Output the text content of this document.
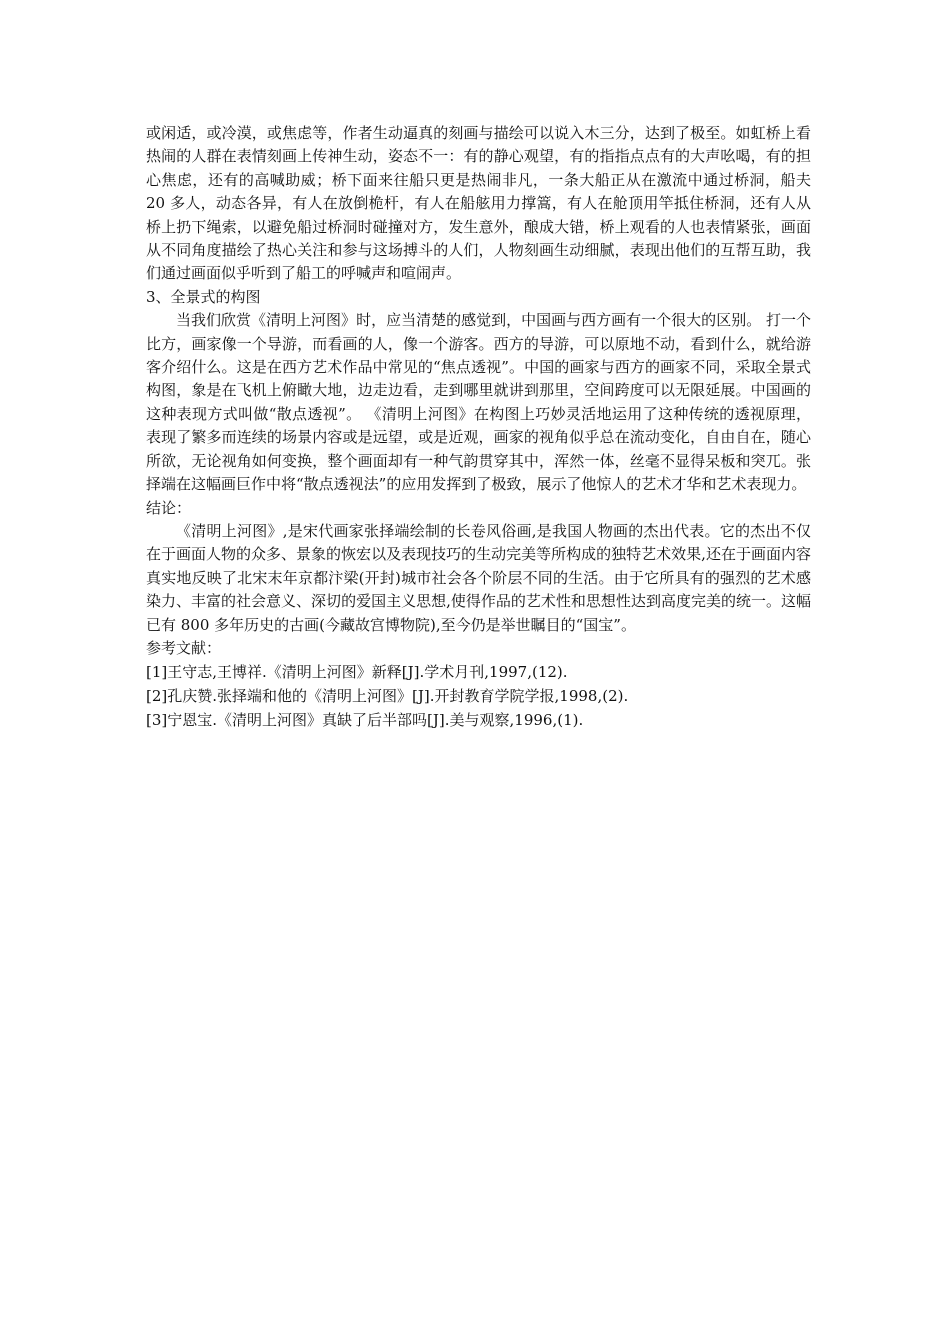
或闲适，或冷漠，或焦虑等，作者生动逼真的刻画与描绘可以说入木三分，达到了极至。如虹桥上看热闹的人群在表情刻画上传神生动，姿态不一：有的静心观望，有的指指点点有的大声吆喝，有的担心焦虑，还有的高喊助威；桥下面来往船只更是热闹非凡，一条大船正从在激流中通过桥洞，船夫 20 多人，动态各异，有人在放倒桅杆，有人在船舷用力撑篙，有人在舱顶用竿抵住桥洞，还有人从桥上扔下绳索，以避免船过桥洞时碰撞对方，发生意外，酿成大错，桥上观看的人也表情紧张，画面从不同角度描绘了热心关注和参与这场搏斗的人们，人物刻画生动细腻，表现出他们的互帮互助，我们通过画面似乎听到了船工的呼喊声和喧闹声。

3、全景式的构图

当我们欣赏《清明上河图》时，应当清楚的感觉到，中国画与西方画有一个很大的区别。 打一个比方，画家像一个导游，而看画的人，像一个游客。西方的导游，可以原地不动，看到什么，就给游客介绍什么。这是在西方艺术作品中常见的“焦点透视”。中国的画家与西方的画家不同，采取全景式构图，象是在飞机上俯瞰大地，边走边看，走到哪里就讲到那里，空间跨度可以无限延展。中国画的这种表现方式叫做“散点透视”。 《清明上河图》在构图上巧妙灵活地运用了这种传统的透视原理，表现了繁多而连续的场景内容或是远望，或是近观，画家的视角似乎总在流动变化，自由自在，随心所欲，无论视角如何变换，整个画面却有一种气韵贯穿其中，浑然一体，丝毫不显得呆板和突兀。张择端在这幅画巨作中将“散点透视法”的应用发挥到了极致，展示了他惊人的艺术才华和艺术表现力。

结论：

《清明上河图》,是宋代画家张择端绘制的长卷风俗画,是我国人物画的杰出代表。它的杰出不仅在于画面人物的众多、景象的恢宏以及表现技巧的生动完美等所构成的独特艺术效果,还在于画面内容真实地反映了北宋末年京都汴梁(开封)城市社会各个阶层不同的生活。由于它所具有的强烈的艺术感染力、丰富的社会意义、深切的爱国主义思想,使得作品的艺术性和思想性达到高度完美的统一。这幅已有 800 多年历史的古画(今藏故宫博物院),至今仍是举世瞩目的“国宝”。

参考文献：

[1]王守志,王博祥.《清明上河图》新释[J].学术月刊,1997,(12).

[2]孔庆赞.张择端和他的《清明上河图》[J].开封教育学院学报,1998,(2).

[3]宁恩宝.《清明上河图》真缺了后半部吗[J].美与观察,1996,(1).
